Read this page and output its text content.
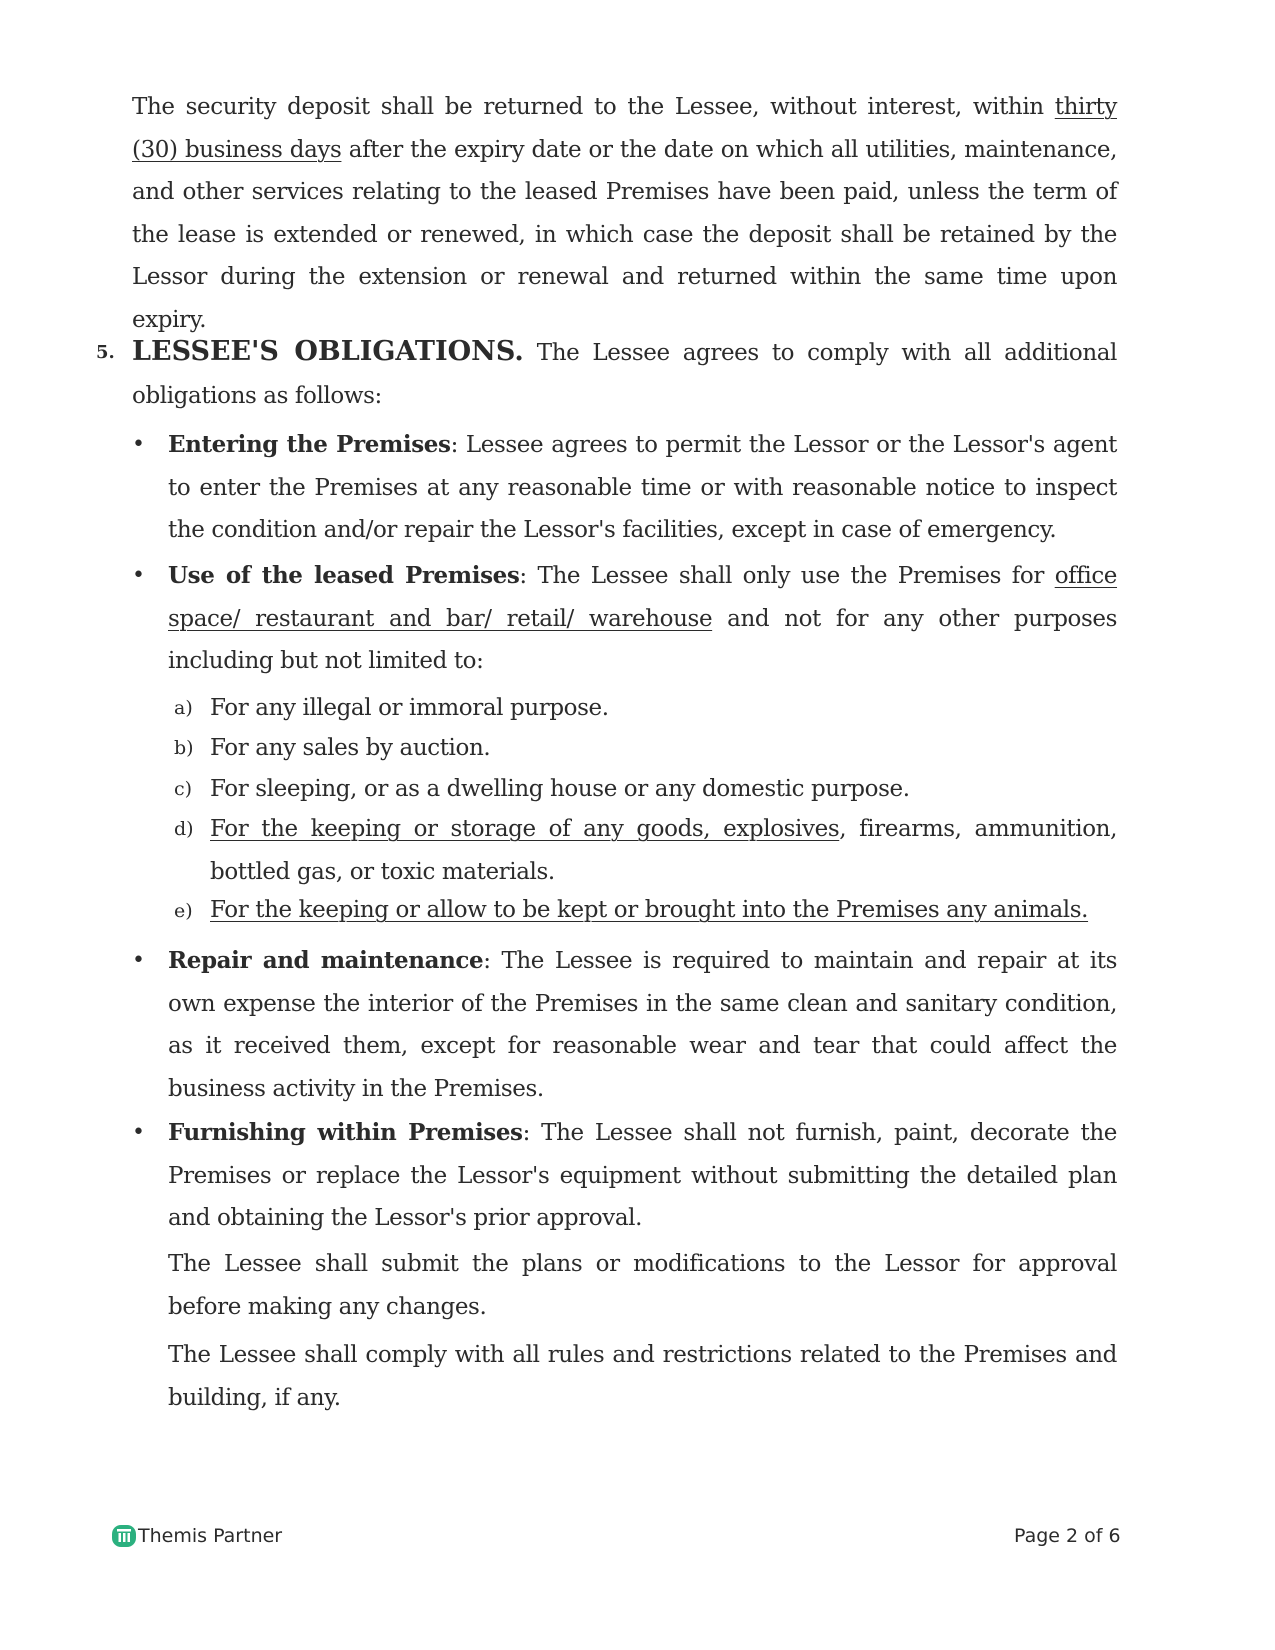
The security deposit shall be returned to the Lessee, without interest, within thirty (30) business days after the expiry date or the date on which all utilities, maintenance, and other services relating to the leased Premises have been paid, unless the term of the lease is extended or renewed, in which case the deposit shall be retained by the Lessor during the extension or renewal and returned within the same time upon expiry.

5. LESSEE'S OBLIGATIONS. The Lessee agrees to comply with all additional obligations as follows:

• Entering the Premises: Lessee agrees to permit the Lessor or the Lessor's agent to enter the Premises at any reasonable time or with reasonable notice to inspect the condition and/or repair the Lessor's facilities, except in case of emergency.

• Use of the leased Premises: The Lessee shall only use the Premises for office space/ restaurant and bar/ retail/ warehouse and not for any other purposes including but not limited to:

a) For any illegal or immoral purpose.

b) For any sales by auction.

c) For sleeping, or as a dwelling house or any domestic purpose.

d) For the keeping or storage of any goods, explosives, firearms, ammunition, bottled gas, or toxic materials.

e) For the keeping or allow to be kept or brought into the Premises any animals.

• Repair and maintenance: The Lessee is required to maintain and repair at its own expense the interior of the Premises in the same clean and sanitary condition, as it received them, except for reasonable wear and tear that could affect the business activity in the Premises.

• Furnishing within Premises: The Lessee shall not furnish, paint, decorate the Premises or replace the Lessor's equipment without submitting the detailed plan and obtaining the Lessor's prior approval.

The Lessee shall submit the plans or modifications to the Lessor for approval before making any changes.

The Lessee shall comply with all rules and restrictions related to the Premises and building, if any.

Themis Partner	Page 2 of 6
